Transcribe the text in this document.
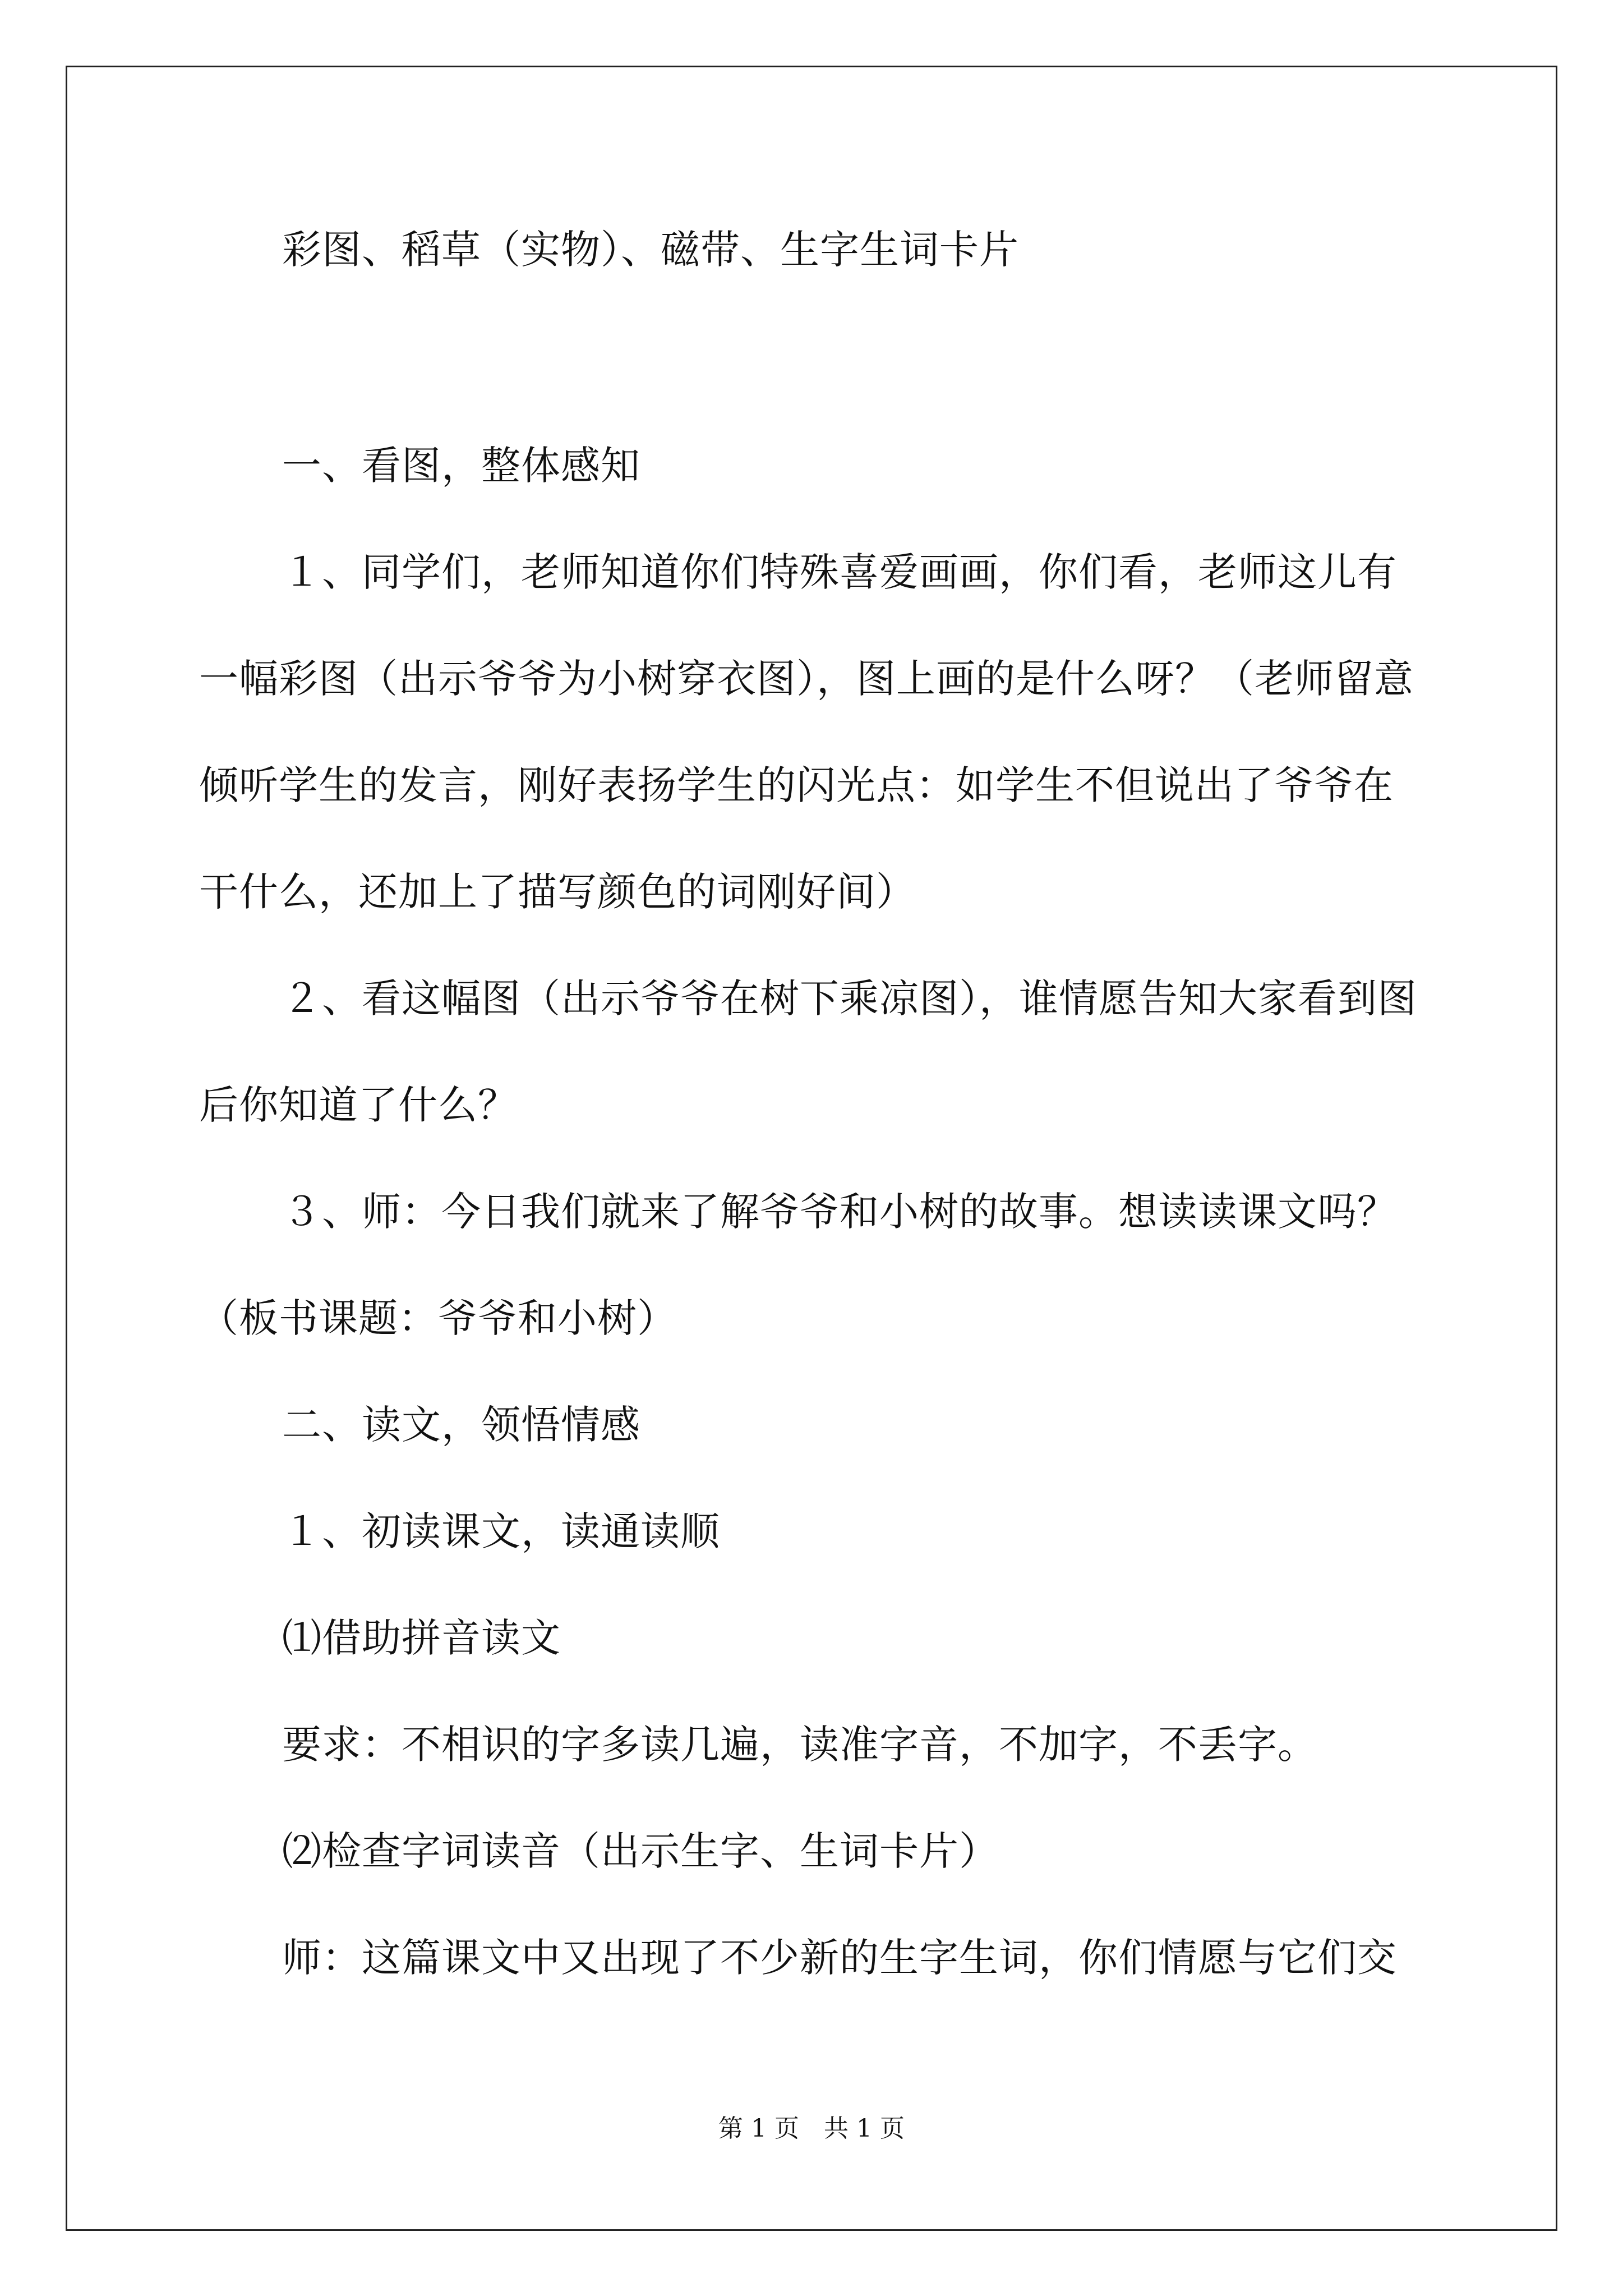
彩图、稻草（实物）、磁带、生字生词卡片
一、看图，整体感知
１、同学们，老师知道你们特殊喜爱画画，你们看，老师这儿有
一幅彩图（出示爷爷为小树穿衣图），图上画的是什么呀？（老师留意
倾听学生的发言，刚好表扬学生的闪光点：如学生不但说出了爷爷在
干什么，还加上了描写颜色的词刚好间）
２、看这幅图（出示爷爷在树下乘凉图），谁情愿告知大家看到图
后你知道了什么？
３、师：今日我们就来了解爷爷和小树的故事。想读读课文吗？
（板书课题：爷爷和小树）
二、读文，领悟情感
１、初读课文，读通读顺
⑴借助拼音读文
要求：不相识的字多读几遍，读准字音，不加字，不丢字。
⑵检查字词读音（出示生字、生词卡片）
师：这篇课文中又出现了不少新的生字生词，你们情愿与它们交
第 1 页　共 1 页
